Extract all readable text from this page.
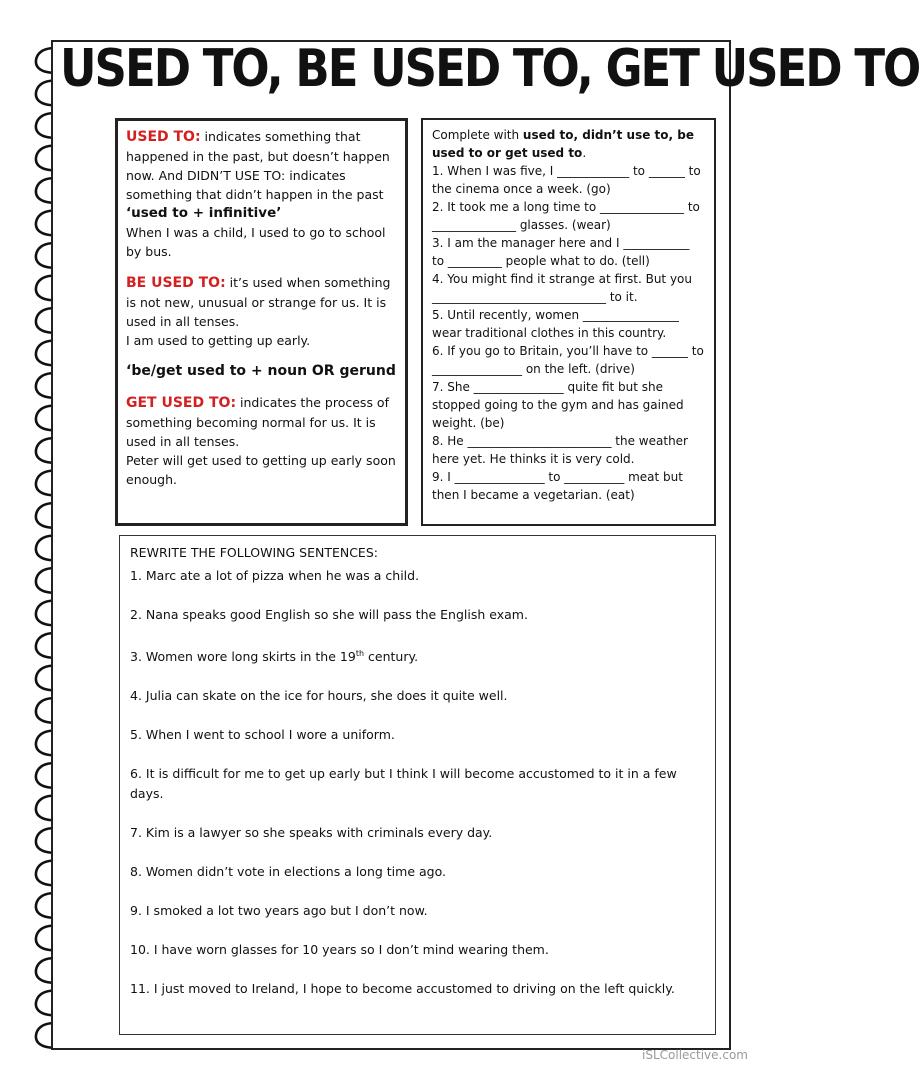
USED TO, BE USED TO, GET USED TO

USED TO: indicates something that happened in the past, but doesn’t happen now. And DIDN’T USE TO: indicates something that didn’t happen in the past

‘used to + infinitive’

When I was a child, I used to go to school by bus.

BE USED TO: it’s used when something is not new, unusual or strange for us. It is used in all tenses.

I am used to getting up early.

‘be/get used to + noun OR gerund

GET USED TO: indicates the process of something becoming normal for us. It is used in all tenses.

Peter will get used to getting up early soon enough.

Complete with used to, didn’t use to, be used to or get used to.

1. When I was five, I ____________ to ______ to the cinema once a week. (go)

2. It took me a long time to ______________ to ______________ glasses. (wear)

3. I am the manager here and I ___________ to _________ people what to do. (tell)

4. You might find it strange at first. But you _____________________________ to it.

5. Until recently, women ________________ wear traditional clothes in this country.

6. If you go to Britain, you’ll have to ______ to _______________ on the left. (drive)

7. She _______________ quite fit but she stopped going to the gym and has gained weight. (be)

8. He ________________________ the weather here yet. He thinks it is very cold.

9. I _______________ to __________ meat but then I became a vegetarian. (eat)

REWRITE THE FOLLOWING SENTENCES:

1. Marc ate a lot of pizza when he was a child.

2. Nana speaks good English so she will pass the English exam.

3. Women wore long skirts in the 19th century.

4. Julia can skate on the ice for hours, she does it quite well.

5. When I went to school I wore a uniform.

6. It is difficult for me to get up early but I think I will become accustomed to it in a few days.

7. Kim is a lawyer so she speaks with criminals every day.

8. Women didn’t vote in elections a long time ago.

9. I smoked a lot two years ago but I don’t now.

10. I have worn glasses for 10 years so I don’t mind wearing them.

11. I just moved to Ireland, I hope to become accustomed to driving on the left quickly.

iSLCollective.com
